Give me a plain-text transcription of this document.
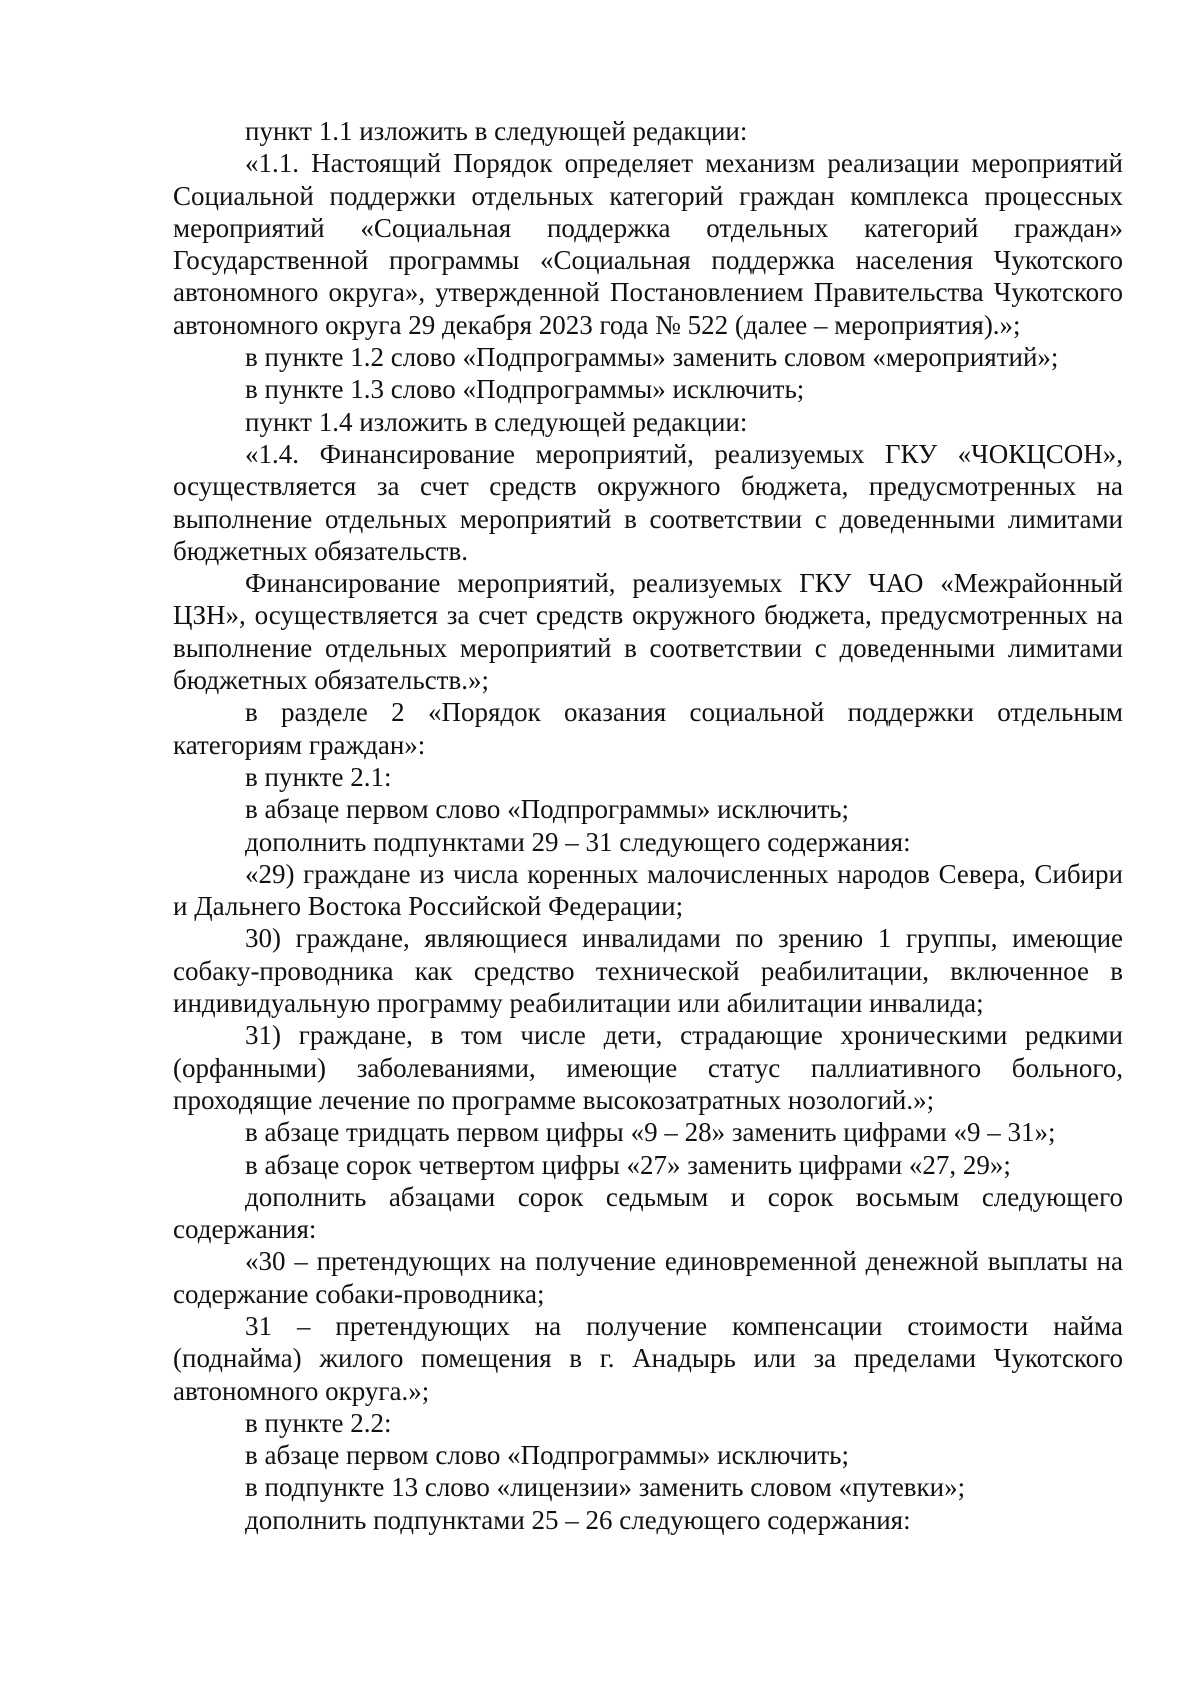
пункт 1.1 изложить в следующей редакции:

«1.1. Настоящий Порядок определяет механизм реализации мероприятий Социальной поддержки отдельных категорий граждан комплекса процессных мероприятий «Социальная поддержка отдельных категорий граждан» Государственной программы «Социальная поддержка населения Чукотского автономного округа», утвержденной Постановлением Правительства Чукотского автономного округа 29 декабря 2023 года № 522 (далее – мероприятия).»;

в пункте 1.2 слово «Подпрограммы» заменить словом «мероприятий»;

в пункте 1.3 слово «Подпрограммы» исключить;

пункт 1.4 изложить в следующей редакции:

«1.4. Финансирование мероприятий, реализуемых ГКУ «ЧОКЦСОН», осуществляется за счет средств окружного бюджета, предусмотренных на выполнение отдельных мероприятий в соответствии с доведенными лимитами бюджетных обязательств.

Финансирование мероприятий, реализуемых ГКУ ЧАО «Межрайонный ЦЗН», осуществляется за счет средств окружного бюджета, предусмотренных на выполнение отдельных мероприятий в соответствии с доведенными лимитами бюджетных обязательств.»;

в разделе 2 «Порядок оказания социальной поддержки отдельным категориям граждан»:

в пункте 2.1:

в абзаце первом слово «Подпрограммы» исключить;

дополнить подпунктами 29 – 31 следующего содержания:

«29) граждане из числа коренных малочисленных народов Севера, Сибири и Дальнего Востока Российской Федерации;

30) граждане, являющиеся инвалидами по зрению 1 группы, имеющие собаку-проводника как средство технической реабилитации, включенное в индивидуальную программу реабилитации или абилитации инвалида;

31) граждане, в том числе дети, страдающие хроническими редкими (орфанными) заболеваниями, имеющие статус паллиативного больного, проходящие лечение по программе высокозатратных нозологий.»;

в абзаце тридцать первом цифры «9 – 28» заменить цифрами «9 – 31»;

в абзаце сорок четвертом цифры «27» заменить цифрами «27, 29»;

дополнить абзацами сорок седьмым и сорок восьмым следующего содержания:

«30 – претендующих на получение единовременной денежной выплаты на содержание собаки-проводника;

31 – претендующих на получение компенсации стоимости найма (поднайма) жилого помещения в г. Анадырь или за пределами Чукотского автономного округа.»;

в пункте 2.2:

в абзаце первом слово «Подпрограммы» исключить;

в подпункте 13 слово «лицензии» заменить словом «путевки»;

дополнить подпунктами 25 – 26 следующего содержания:
